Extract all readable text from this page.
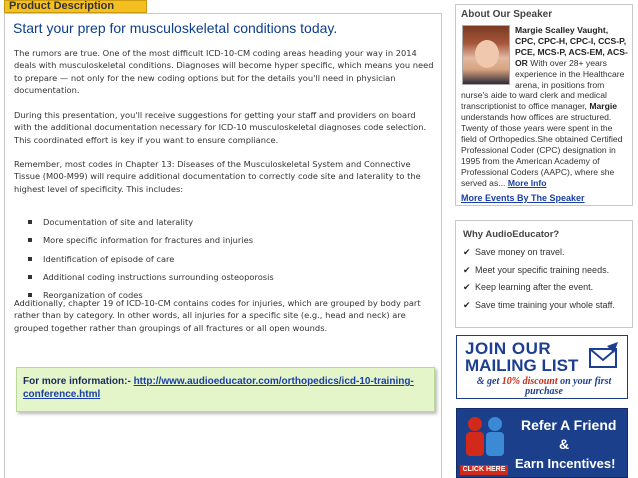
Product Description
Start your prep for musculoskeletal conditions today.

The rumors are true. One of the most difficult ICD-10-CM coding areas heading your way in 2014 deals with musculoskeletal conditions. Diagnoses will become hyper specific, which means you need to prepare — not only for the new coding options but for the details you'll need in physician documentation.

During this presentation, you'll receive suggestions for getting your staff and providers on board with the additional documentation necessary for ICD-10 musculoskeletal diagnoses code selection. This coordinated effort is key if you want to ensure compliance.

Remember, most codes in Chapter 13: Diseases of the Musculoskeletal System and Connective Tissue (M00-M99) will require additional documentation to correctly code site and laterality to the highest level of specificity. This includes:

Documentation of site and laterality
More specific information for fractures and injuries
Identification of episode of care
Additional coding instructions surrounding osteoporosis
Reorganization of codes

Additionally, chapter 19 of ICD-10-CM contains codes for injuries, which are grouped by body part rather than by category. In other words, all injuries for a specific site (e.g., head and neck) are grouped together rather than groupings of all fractures or all open wounds.

For more information:- http://www.audioeducator.com/orthopedics/icd-10-training-conference.html
About Our Speaker
Margie Scalley Vaught, CPC, CPC-H, CPC-I, CCS-P, PCE, MCS-P, ACS-EM, ACS-OR With over 28+ years experience in the Healthcare arena, in positions from nurse's aide to ward clerk and medical transcriptionist to office manager, Margie understands how offices are structured. Twenty of those years were spent in the field of Orthopedics.She obtained Certified Professional Coder (CPC) designation in 1995 from the American Academy of Professional Coders (AAPC), where she served as... More Info
More Events By The Speaker
Why AudioEducator?
✔ Save money on travel.
✔ Meet your specific training needs.
✔ Keep learning after the event.
✔ Save time training your whole staff.
JOIN OUR
MAILING LIST
& get 10% discount on your first purchase
CLICK HERE
Refer A Friend
&
Earn Incentives!
